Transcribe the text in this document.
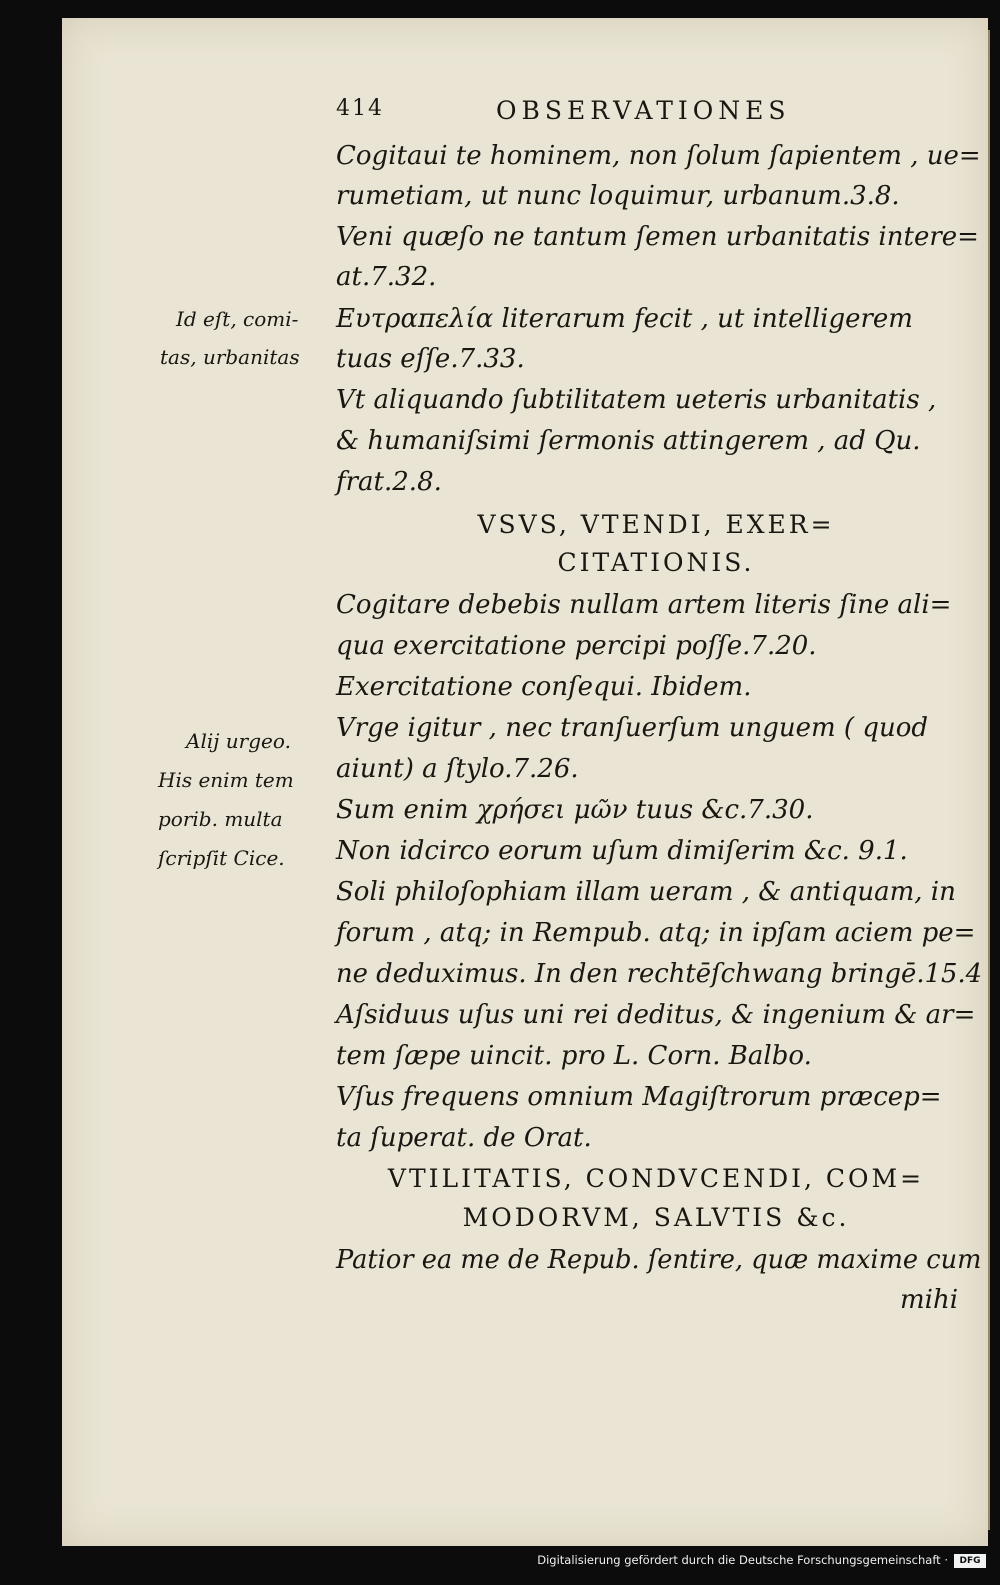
414	OBSERVATIONES
Cogitaui te hominem, non ſolum ſapientem , ue=
rumetiam, ut nunc loquimur, urbanum.3.8.
Veni quæſo ne tantum ſemen urbanitatis intere=
at.7.32.
Ευτραπελία literarum fecit , ut intelligerem
tuas eſſe.7.33.
Vt aliquando ſubtilitatem ueteris urbanitatis ,
& humaniſsimi ſermonis attingerem , ad Qu.
frat.2.8.
VSVS, VTENDI, EXER=
CITATIONIS.
Cogitare debebis nullam artem literis ſine ali=
qua exercitatione percipi poſſe.7.20.
Exercitatione conſequi. Ibidem.
Vrge igitur , nec tranſuerſum unguem ( quod
aiunt) a ſtylo.7.26.
Sum enim χρήσει μῶν tuus &c.7.30.
Non idcirco eorum uſum dimiſerim &c. 9.1.
Soli philoſophiam illam ueram , & antiquam, in
forum , atq; in Rempub. atq; in ipſam aciem pe=
ne deduximus. In den rechtēſchwang bringē.15.4
Aſsiduus uſus uni rei deditus, & ingenium & ar=
tem ſæpe uincit. pro L. Corn. Balbo.
Vſus frequens omnium Magiſtrorum præcep=
ta ſuperat. de Orat.
VTILITATIS, CONDVCENDI, COM=
MODORVM, SALVTIS &c.
Patior ea me de Repub. ſentire, quæ maxime cum
mihi
Id eſt, comi-
tas, urbanitas
Alij urgeo.
His enim tem
porib. multa
ſcripſit Cice.
Digitalisierung gefördert durch die Deutsche Forschungsgemeinschaft ·	DFG
